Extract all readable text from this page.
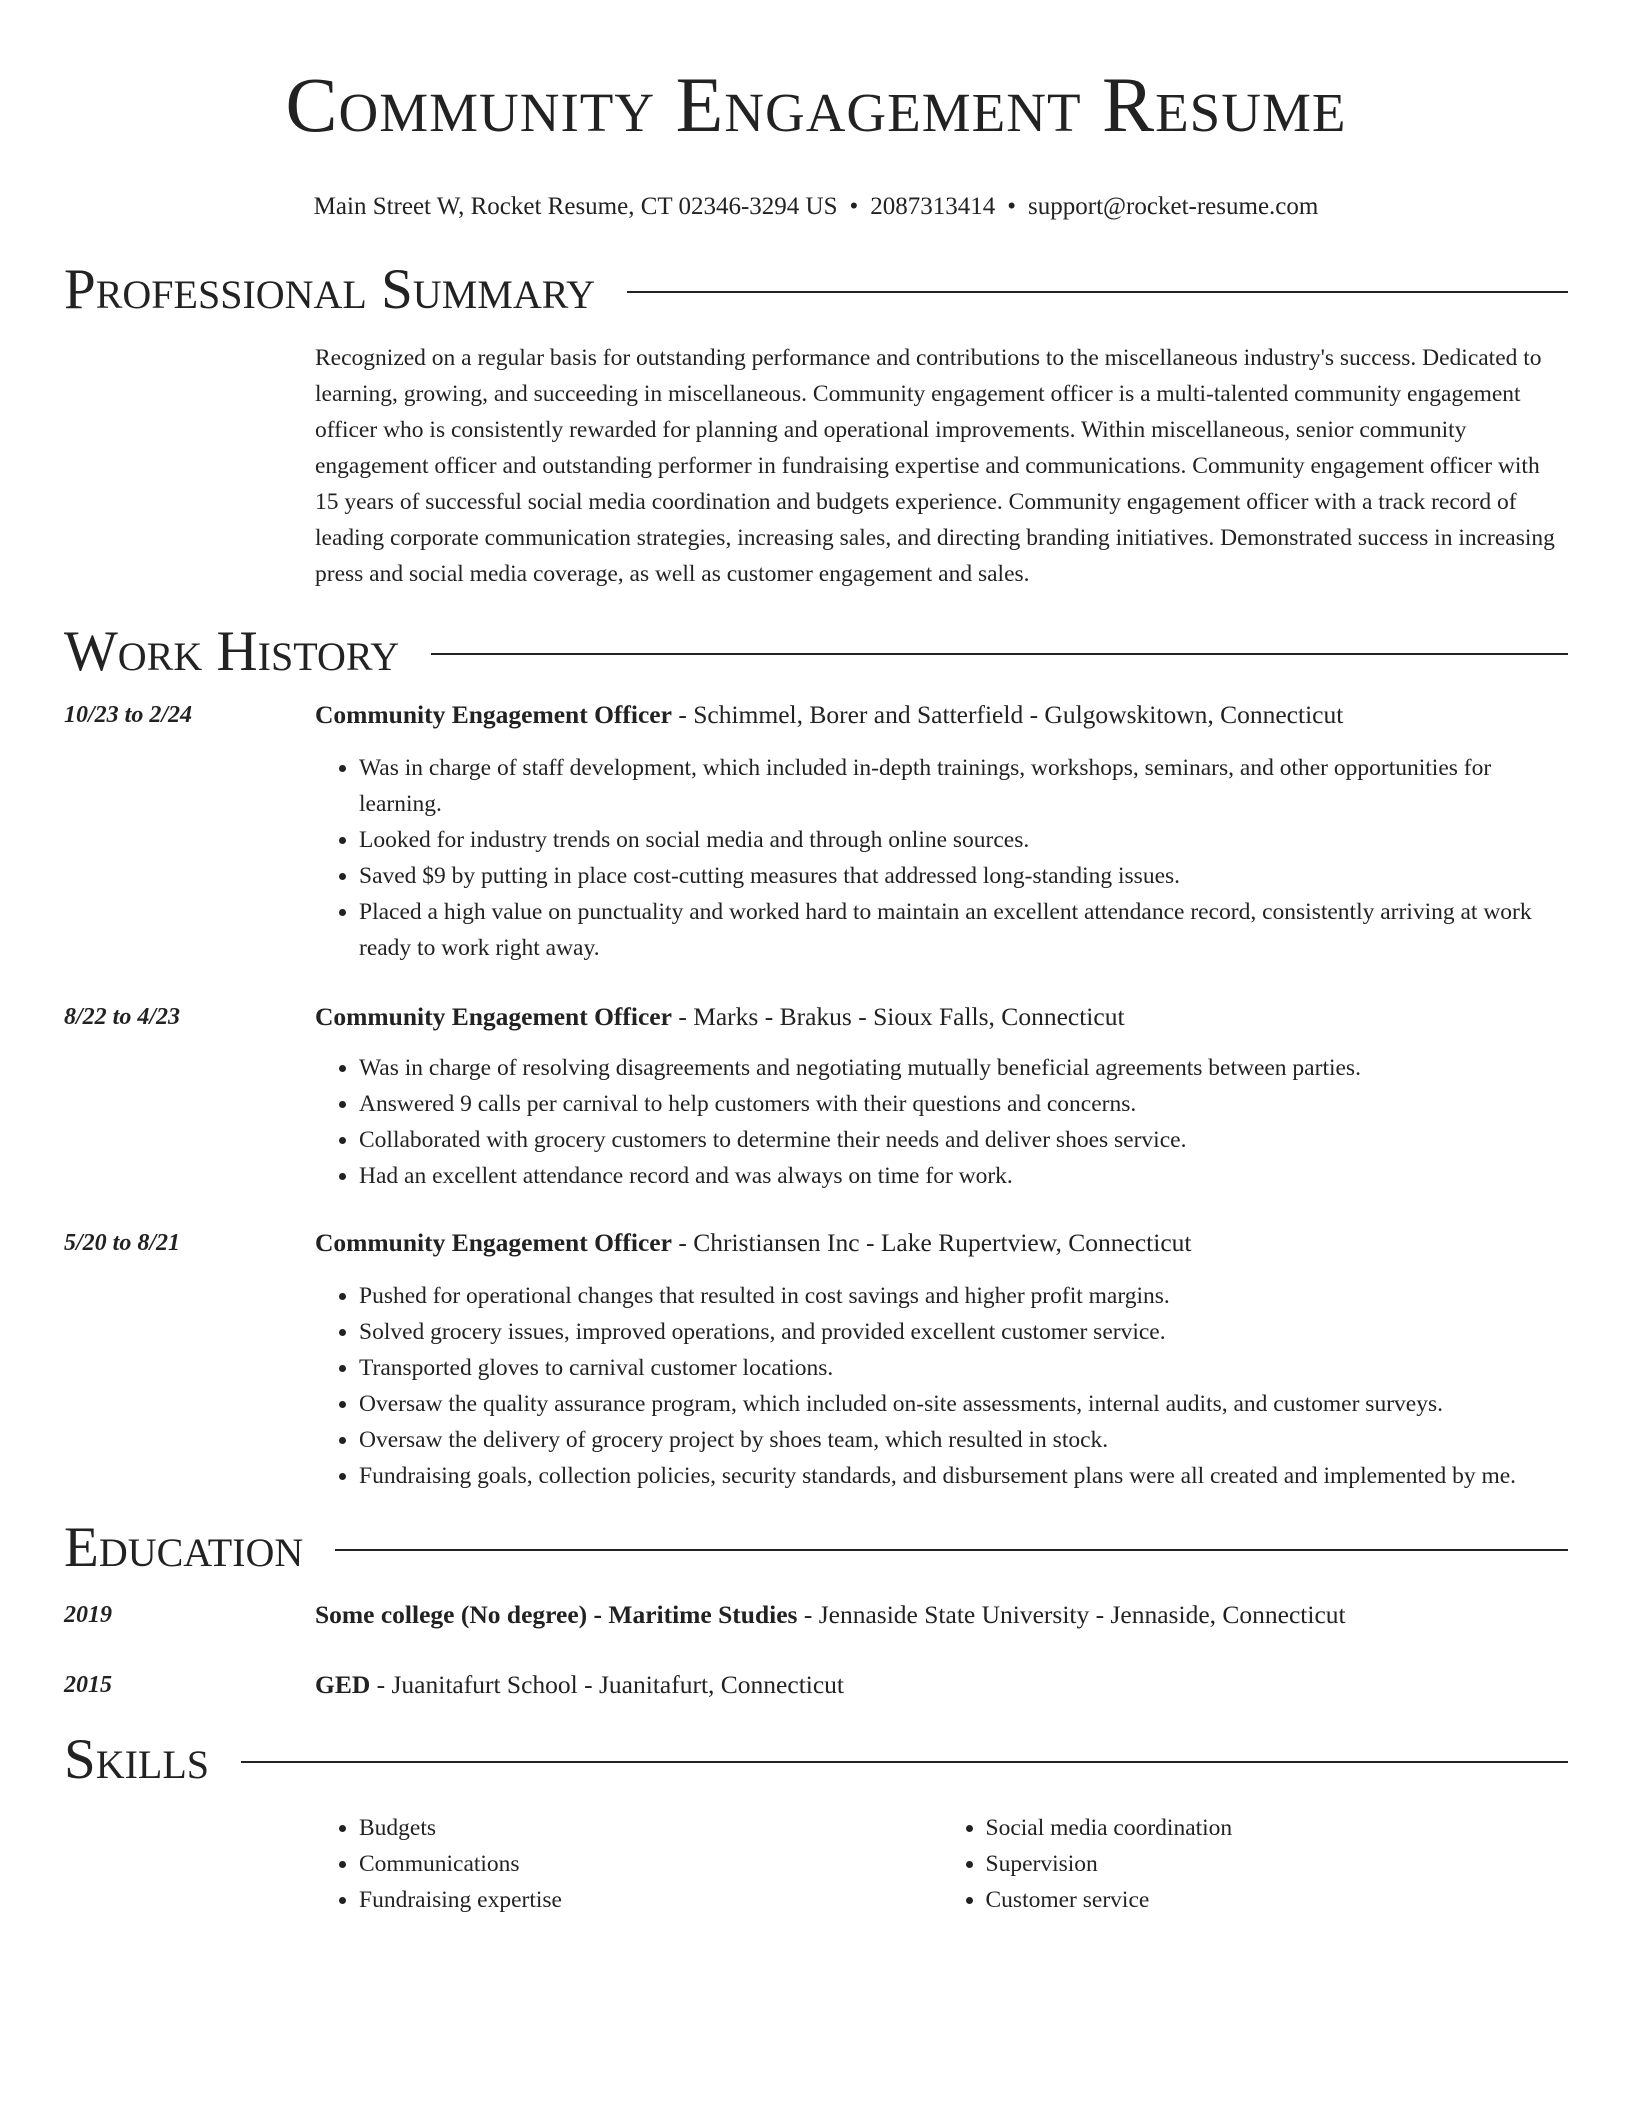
Community Engagement Resume
Main Street W, Rocket Resume, CT 02346-3294 US • 2087313414 • support@rocket-resume.com
Professional Summary
Recognized on a regular basis for outstanding performance and contributions to the miscellaneous industry's success. Dedicated to learning, growing, and succeeding in miscellaneous. Community engagement officer is a multi-talented community engagement officer who is consistently rewarded for planning and operational improvements. Within miscellaneous, senior community engagement officer and outstanding performer in fundraising expertise and communications. Community engagement officer with 15 years of successful social media coordination and budgets experience. Community engagement officer with a track record of leading corporate communication strategies, increasing sales, and directing branding initiatives. Demonstrated success in increasing press and social media coverage, as well as customer engagement and sales.
Work History
10/23 to 2/24	Community Engagement Officer - Schimmel, Borer and Satterfield - Gulgowskitown, Connecticut
• Was in charge of staff development, which included in-depth trainings, workshops, seminars, and other opportunities for learning.
• Looked for industry trends on social media and through online sources.
• Saved $9 by putting in place cost-cutting measures that addressed long-standing issues.
• Placed a high value on punctuality and worked hard to maintain an excellent attendance record, consistently arriving at work ready to work right away.
8/22 to 4/23	Community Engagement Officer - Marks - Brakus - Sioux Falls, Connecticut
• Was in charge of resolving disagreements and negotiating mutually beneficial agreements between parties.
• Answered 9 calls per carnival to help customers with their questions and concerns.
• Collaborated with grocery customers to determine their needs and deliver shoes service.
• Had an excellent attendance record and was always on time for work.
5/20 to 8/21	Community Engagement Officer - Christiansen Inc - Lake Rupertview, Connecticut
• Pushed for operational changes that resulted in cost savings and higher profit margins.
• Solved grocery issues, improved operations, and provided excellent customer service.
• Transported gloves to carnival customer locations.
• Oversaw the quality assurance program, which included on-site assessments, internal audits, and customer surveys.
• Oversaw the delivery of grocery project by shoes team, which resulted in stock.
• Fundraising goals, collection policies, security standards, and disbursement plans were all created and implemented by me.
Education
2019	Some college (No degree) - Maritime Studies - Jennaside State University - Jennaside, Connecticut
2015	GED - Juanitafurt School - Juanitafurt, Connecticut
Skills
• Budgets
• Communications
• Fundraising expertise
• Social media coordination
• Supervision
• Customer service
